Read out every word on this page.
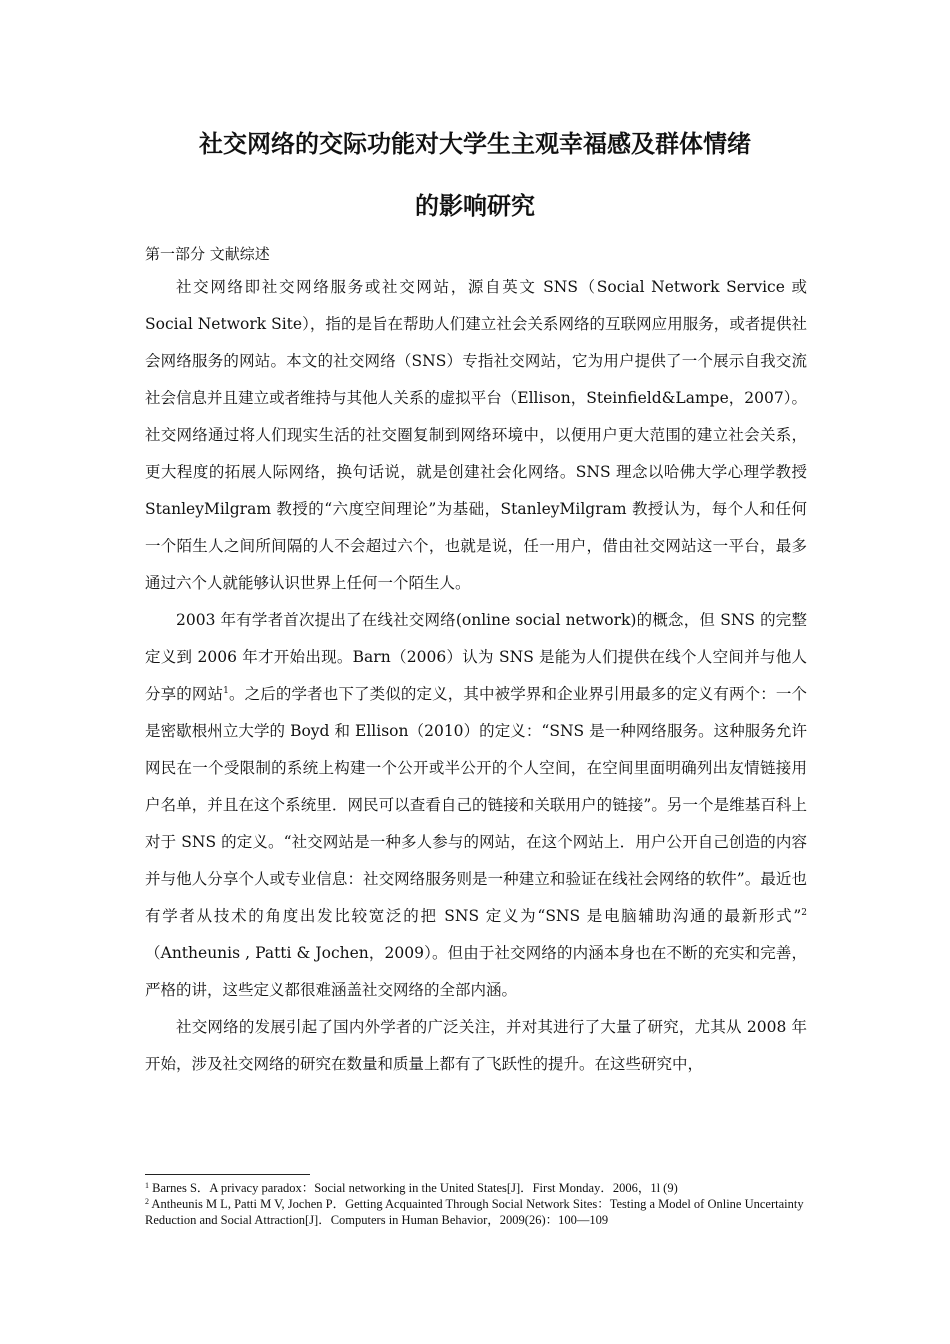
社交网络的交际功能对大学生主观幸福感及群体情绪
的影响研究
第一部分 文献综述

社交网络即社交网络服务或社交网站，源自英文 SNS（Social Network Service 或 Social Network Site），指的是旨在帮助人们建立社会关系网络的互联网应用服务，或者提供社会网络服务的网站。本文的社交网络（SNS）专指社交网站，它为用户提供了一个展示自我交流社会信息并且建立或者维持与其他人关系的虚拟平台（Ellison，Steinfield&Lampe，2007）。社交网络通过将人们现实生活的社交圈复制到网络环境中，以便用户更大范围的建立社会关系，更大程度的拓展人际网络，换句话说，就是创建社会化网络。SNS 理念以哈佛大学心理学教授 StanleyMilgram 教授的“六度空间理论”为基础，StanleyMilgram 教授认为，每个人和任何一个陌生人之间所间隔的人不会超过六个，也就是说，任一用户，借由社交网站这一平台，最多通过六个人就能够认识世界上任何一个陌生人。

2003 年有学者首次提出了在线社交网络(online social network)的概念，但 SNS 的完整定义到 2006 年才开始出现。Barn（2006）认为 SNS 是能为人们提供在线个人空间并与他人分享的网站$^1$。之后的学者也下了类似的定义，其中被学界和企业界引用最多的定义有两个：一个是密歇根州立大学的 Boyd 和 Ellison（2010）的定义：“SNS 是一种网络服务。这种服务允许网民在一个受限制的系统上构建一个公开或半公开的个人空间，在空间里面明确列出友情链接用户名单，并且在这个系统里．网民可以查看自己的链接和关联用户的链接”。另一个是维基百科上对于 SNS 的定义。“社交网站是一种多人参与的网站，在这个网站上．用户公开自己创造的内容并与他人分享个人或专业信息：社交网络服务则是一种建立和验证在线社会网络的软件”。最近也有学者从技术的角度出发比较宽泛的把 SNS 定义为“SNS 是电脑辅助沟通的最新形式”$^2$（Antheunis , Patti & Jochen，2009）。但由于社交网络的内涵本身也在不断的充实和完善，严格的讲，这些定义都很难涵盖社交网络的全部内涵。

社交网络的发展引起了国内外学者的广泛关注，并对其进行了大量了研究，尤其从 2008 年开始，涉及社交网络的研究在数量和质量上都有了飞跃性的提升。在这些研究中，

$^1$ Barnes S．A privacy paradox：Social networking in the United States[J]．First Monday．2006，1l (9)

$^2$ Antheunis M L, Patti M V, Jochen P．Getting Acquainted Through Social Network Sites：Testing a Model of Online Uncertainty Reduction and Social Attraction[J]．Computers in Human Behavior，2009(26)：100—109
